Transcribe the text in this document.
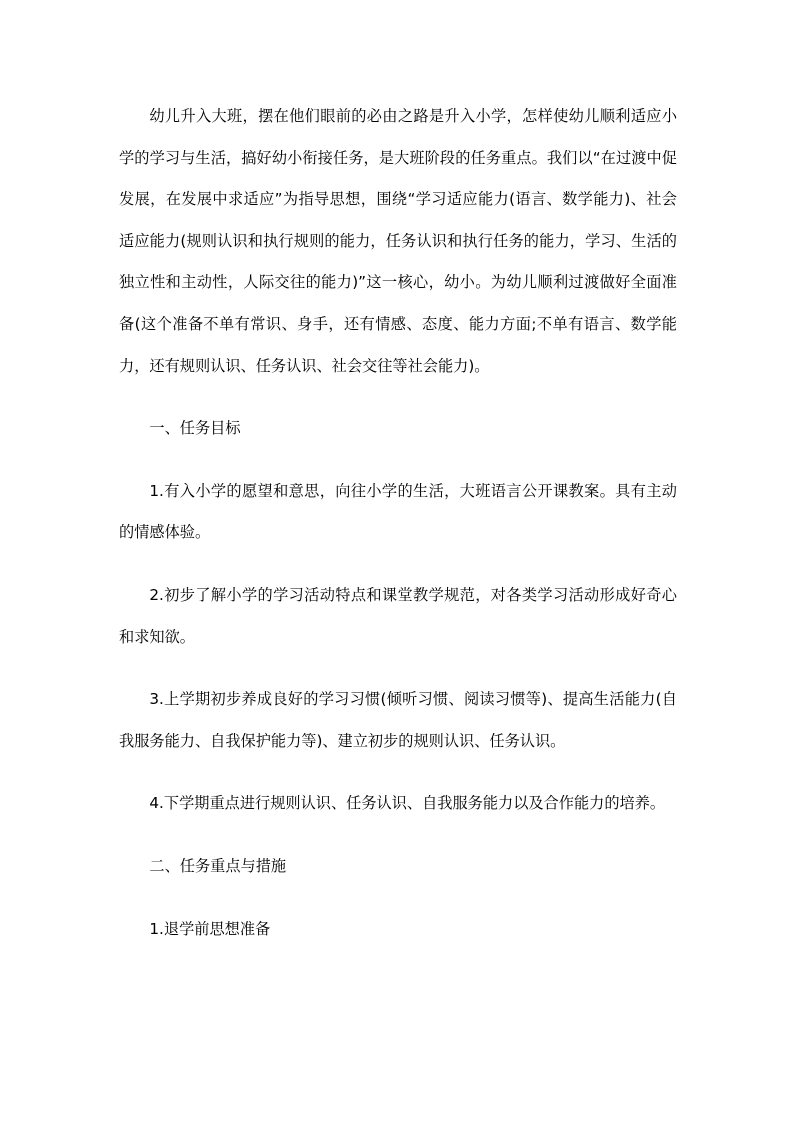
幼儿升入大班，摆在他们眼前的必由之路是升入小学，怎样使幼儿顺利适应小学的学习与生活，搞好幼小衔接任务，是大班阶段的任务重点。我们以“在过渡中促发展，在发展中求适应”为指导思想，围绕“学习适应能力(语言、数学能力)、社会适应能力(规则认识和执行规则的能力，任务认识和执行任务的能力，学习、生活的独立性和主动性，人际交往的能力)”这一核心，幼小。为幼儿顺利过渡做好全面准备(这个准备不单有常识、身手，还有情感、态度、能力方面;不单有语言、数学能力，还有规则认识、任务认识、社会交往等社会能力)。

一、任务目标

1.有入小学的愿望和意思，向往小学的生活，大班语言公开课教案。具有主动的情感体验。

2.初步了解小学的学习活动特点和课堂教学规范，对各类学习活动形成好奇心和求知欲。

3.上学期初步养成良好的学习习惯(倾听习惯、阅读习惯等)、提高生活能力(自我服务能力、自我保护能力等)、建立初步的规则认识、任务认识。

4.下学期重点进行规则认识、任务认识、自我服务能力以及合作能力的培养。

二、任务重点与措施

1.退学前思想准备
